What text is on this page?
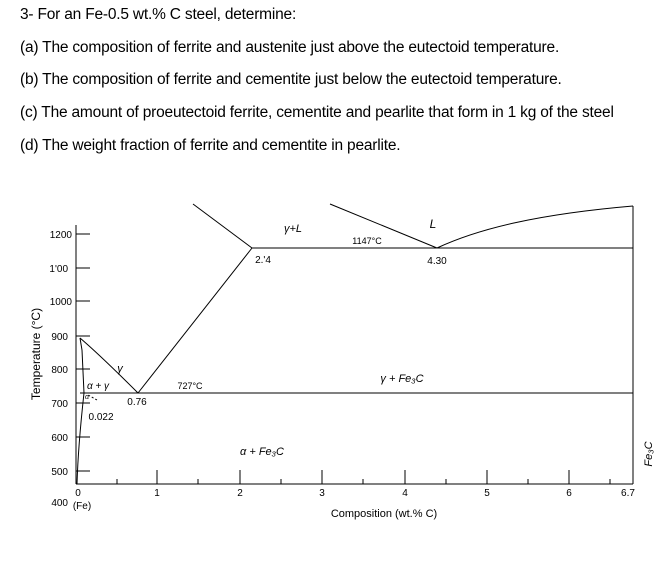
3- For an Fe-0.5 wt.% C steel, determine:

(a) The composition of ferrite and austenite just above the eutectoid temperature.

(b) The composition of ferrite and cementite just below the eutectoid temperature.

(c) The amount of proeutectoid ferrite, cementite and pearlite that form in 1 kg of the steel

(d) The weight fraction of ferrite and cementite in pearlite.

1200
1'00
1000
900
800
700
600
500
400
Temperature (°C)
0	1	2	3	4	5	6	6.7
(Fe)
Composition (wt.% C)
γ+L	L
γ
α + γ
α
γ + Fe₃C
α + Fe₃C	Fe₃C
1147°C
727°C
2.'4	4.30
0.76
0.022
